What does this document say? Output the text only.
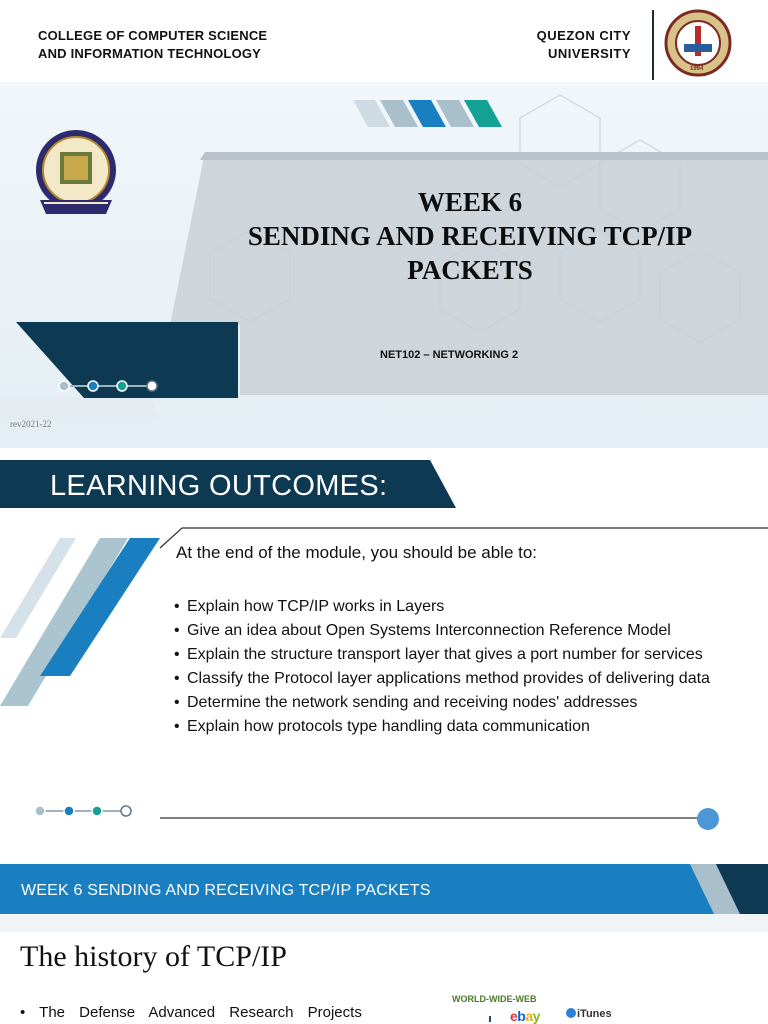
COLLEGE OF COMPUTER SCIENCE
AND INFORMATION TECHNOLOGY
QUEZON CITY
UNIVERSITY
1994
WEEK 6
SENDING AND RECEIVING TCP/IP
PACKETS
NET102 – NETWORKING 2
rev2021-22
LEARNING OUTCOMES:
At the end of the module, you should be able to:
• Explain how TCP/IP works in Layers
• Give an idea about Open Systems Interconnection Reference Model
• Explain the structure transport layer that gives a port number for services
• Classify the Protocol layer applications method provides of delivering data
• Determine the network sending and receiving nodes' addresses
• Explain how protocols type handling data communication
WEEK 6 SENDING AND RECEIVING TCP/IP PACKETS
The history of TCP/IP
• The Defense Advanced Research Projects
WORLD-WIDE-WEB
ebay	iTunes
